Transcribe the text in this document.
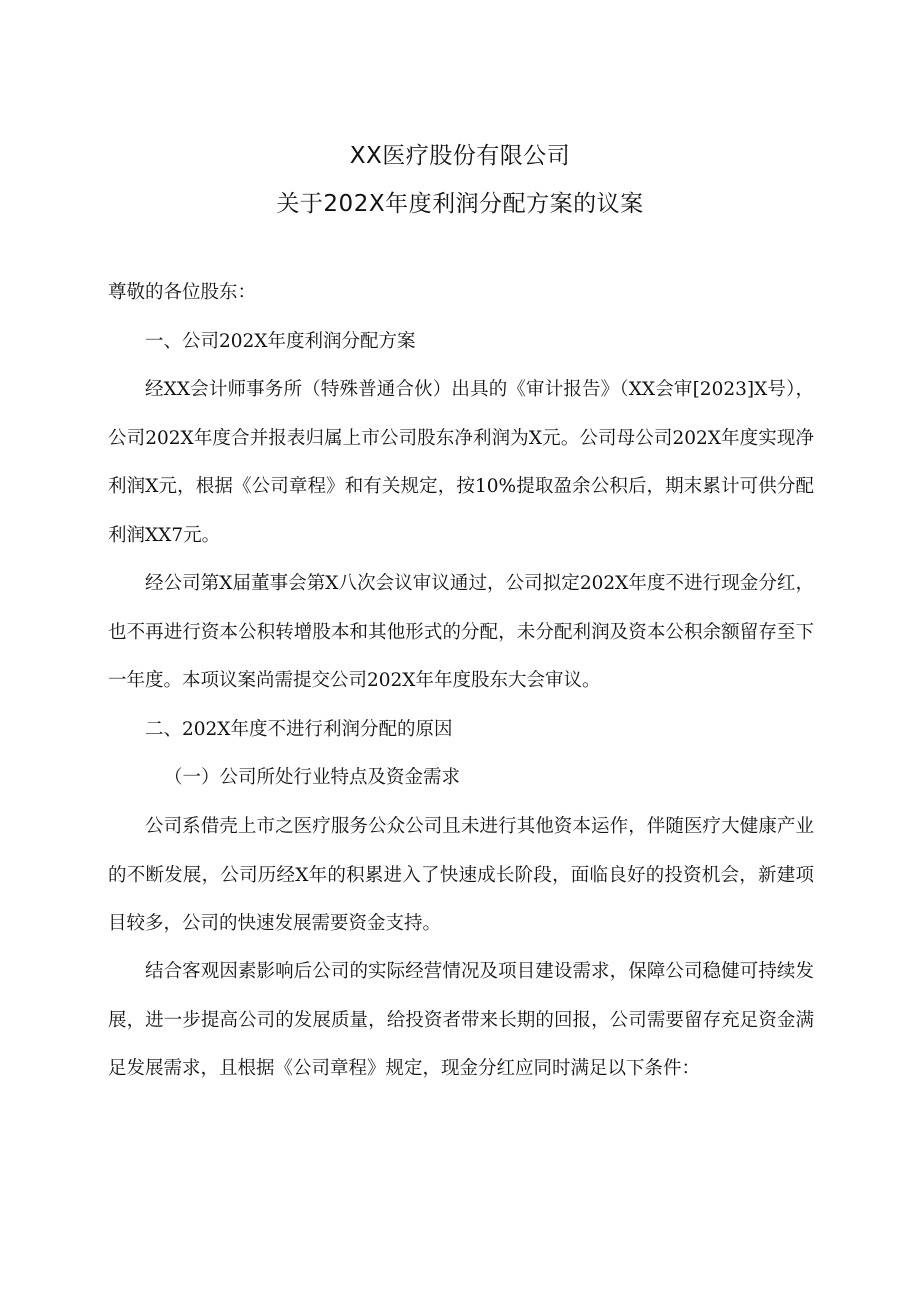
XX医疗股份有限公司
关于202X年度利润分配方案的议案

尊敬的各位股东：

一、公司202X年度利润分配方案

经XX会计师事务所（特殊普通合伙）出具的《审计报告》（XX会审[2023]X号），公司202X年度合并报表归属上市公司股东净利润为X元。公司母公司202X年度实现净利润X元，根据《公司章程》和有关规定，按10%提取盈余公积后，期末累计可供分配利润XX7元。

经公司第X届董事会第X八次会议审议通过，公司拟定202X年度不进行现金分红，也不再进行资本公积转增股本和其他形式的分配，未分配利润及资本公积余额留存至下一年度。本项议案尚需提交公司202X年年度股东大会审议。

二、202X年度不进行利润分配的原因

（一）公司所处行业特点及资金需求

公司系借壳上市之医疗服务公众公司且未进行其他资本运作，伴随医疗大健康产业的不断发展，公司历经X年的积累进入了快速成长阶段，面临良好的投资机会，新建项目较多，公司的快速发展需要资金支持。

结合客观因素影响后公司的实际经营情况及项目建设需求，保障公司稳健可持续发展，进一步提高公司的发展质量，给投资者带来长期的回报，公司需要留存充足资金满足发展需求，且根据《公司章程》规定，现金分红应同时满足以下条件：
